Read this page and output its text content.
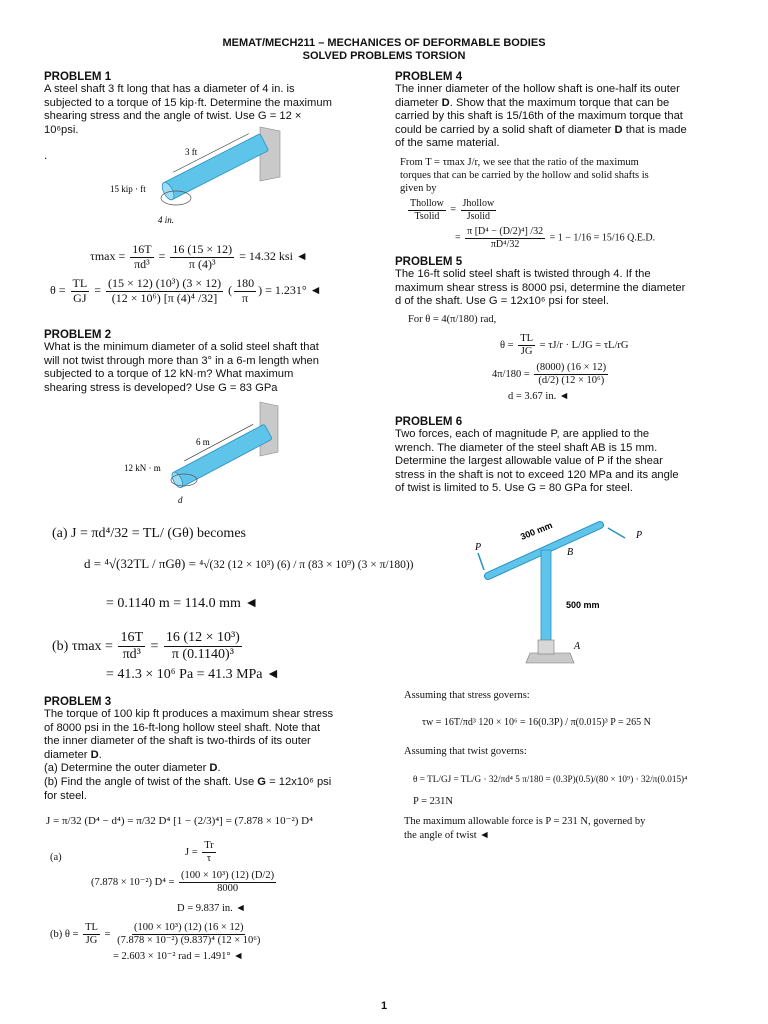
MEMAT/MECH211 – MECHANICES OF DEFORMABLE BODIES
SOLVED PROBLEMS TORSION
PROBLEM 1
A steel shaft 3 ft long that has a diameter of 4 in. is
subjected to a torque of 15 kip·ft. Determine the maximum
shearing stress and the angle of twist. Use G = 12 ×
10⁶psi.
.	3 ft
15 kip · ft
4 in.
$\tau\max = \frac{16T}{\text{πd³}} = \frac{16 (15 \times 12)}{\text{π (4)³}} = 14.32$ ksi ◄
$\theta = \frac{TL}{GJ} = \frac{\text{(15 × 12) (10³) (3 × 12)}}{\text{(12 × 10⁶) [π (4)⁴ /32]}}$ ( $\frac{180}{\pi}$ ) = 1.231° ◄
PROBLEM 2
What is the minimum diameter of a solid steel shaft that
will not twist through more than 3° in a 6-m length when
subjected to a torque of 12 kN·m? What maximum
shearing stress is developed? Use G = 83 GPa
6 m
12 kN · m
d
(a) J = πd⁴/32 = TL/ (Gθ) becomes
d = ⁴√(32TL / πGθ) = ⁴√(32 (12 × 10³) (6) / π (83 × 10⁹) (3 × π/180))
= 0.1140 m = 114.0 mm ◄
(b) $\tau\max = \frac{16T}{\text{πd³}} = \frac{\text{16 (12 × 10³)}}{\text{π (0.1140)³}}$
= 41.3 × 10⁶ Pa = 41.3 MPa ◄
PROBLEM 3
The torque of 100 kip ft produces a maximum shear stress
of 8000 psi in the 16-ft-long hollow steel shaft. Note that
the inner diameter of the shaft is two-thirds of its outer
diameter D.
(a) Determine the outer diameter D.
(b) Find the angle of twist of the shaft. Use G = 12x10⁶ psi
for steel.
J = π/32 (D⁴ − d⁴) = π/32 D⁴ [1 − (2/3)⁴] = (7.878 × 10⁻²) D⁴
(a)	$J = \frac{Tr}{\tau}$
(7.878 × 10⁻²) $D^4 = \frac{\text{(100 × 10³) (12) (D/2)}}{8000}$
D = 9.837 in. ◄
(b) $\theta = \frac{TL}{JG} = \frac{\text{(100 × 10³) (12) (16 × 12)}}{\text{(7.878 × 10⁻²) (9.837)⁴ (12 × 10⁶)}}$
= 2.603 × 10⁻² rad = 1.491° ◄
PROBLEM 4
The inner diameter of the hollow shaft is one-half its outer
diameter D. Show that the maximum torque that can be
carried by this shaft is 15/16th of the maximum torque that
could be carried by a solid shaft of diameter D that is made
of the same material.
From T = τmax J/r, we see that the ratio of the maximum
torques that can be carried by the hollow and solid shafts is
given by
$\frac{\text{Thollow}}{\text{Tsolid}} = \frac{\text{Jhollow}}{\text{Jsolid}}$
= $\frac{\text{π [D⁴ − (D/2)⁴] /32}}{\text{πD⁴/32}} = 1 - 1/16 = 15/16$ Q.E.D.
PROBLEM 5
The 16-ft solid steel shaft is twisted through 4. If the
maximum shear stress is 8000 psi, determine the diameter
d of the shaft. Use G = 12x10⁶ psi for steel.
For θ = 4(π/180) rad,
$\theta = \frac{TL}{JG} = \tau J/r \cdot L/JG = \tau L/rG$
$4\pi/180 = \frac{(8000) (16 \times 12)}{\text{(d/2) (12 × 10⁶)}}$
d = 3.67 in. ◄
PROBLEM 6
Two forces, each of magnitude P, are applied to the
wrench. The diameter of the steel shaft AB is 15 mm.
Determine the largest allowable value of P if the shear
stress in the shaft is not to exceed 120 MPa and its angle
of twist is limited to 5. Use G = 80 GPa for steel.
P
P
300 mm
B
500 mm
A
Assuming that stress governs:
τw = 16T/πd³ 120 × 10⁶ = 16(0.3P) / π(0.015)³ P = 265 N
Assuming that twist governs:
θ = TL/GJ = TL/G · 32/πd⁴ 5 π/180 = (0.3P)(0.5)/(80 × 10⁹) · 32/π(0.015)⁴
P = 231N
The maximum allowable force is P = 231 N, governed by
the angle of twist ◄
1
